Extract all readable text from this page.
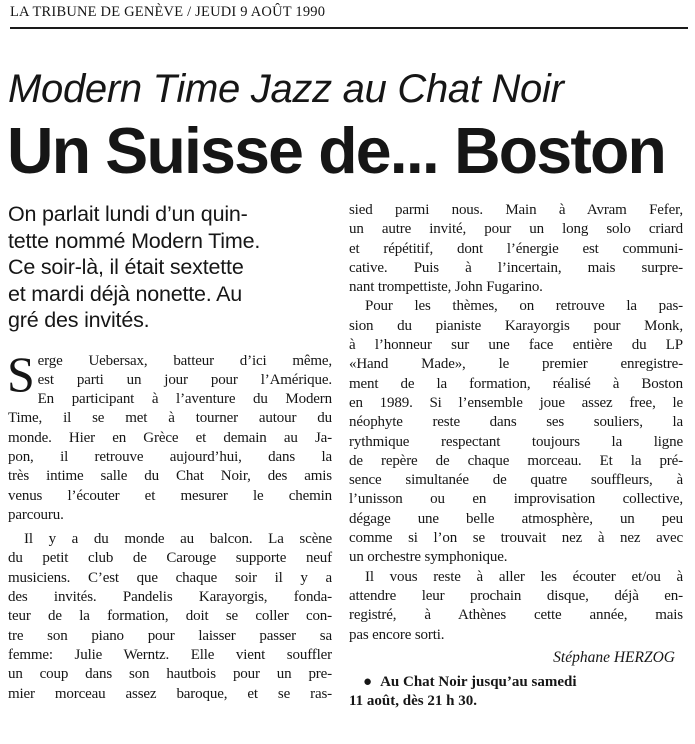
LA TRIBUNE DE GENÈVE / JEUDI 9 AOÛT 1990
Modern Time Jazz au Chat Noir
Un Suisse de... Boston
On parlait lundi d’un quin-
tette nommé Modern Time.
Ce soir-là, il était sextette
et mardi déjà nonette. Au
gré des invités.
S erge Uebersax, batteur d’ici même,
est parti un jour pour l’Amérique.
En participant à l’aventure du Modern
Time, il se met à tourner autour du
monde. Hier en Grèce et demain au Ja-
pon, il retrouve aujourd’hui, dans la
très intime salle du Chat Noir, des amis
venus l’écouter et mesurer le chemin
parcouru.
Il y a du monde au balcon. La scène
du petit club de Carouge supporte neuf
musiciens. C’est que chaque soir il y a
des invités. Pandelis Karayorgis, fonda-
teur de la formation, doit se coller con-
tre son piano pour laisser passer sa
femme: Julie Werntz. Elle vient souffler
un coup dans son hautbois pour un pre-
mier morceau assez baroque, et se ras-
sied parmi nous. Main à Avram Fefer,
un autre invité, pour un long solo criard
et répétitif, dont l’énergie est communi-
cative. Puis à l’incertain, mais surpre-
nant trompettiste, John Fugarino.
Pour les thèmes, on retrouve la pas-
sion du pianiste Karayorgis pour Monk,
à l’honneur sur une face entière du LP
«Hand Made», le premier enregistre-
ment de la formation, réalisé à Boston
en 1989. Si l’ensemble joue assez free, le
néophyte reste dans ses souliers, la
rythmique respectant toujours la ligne
de repère de chaque morceau. Et la pré-
sence simultanée de quatre souffleurs, à
l’unisson ou en improvisation collective,
dégage une belle atmosphère, un peu
comme si l’on se trouvait nez à nez avec
un orchestre symphonique.
Il vous reste à aller les écouter et/ou à
attendre leur prochain disque, déjà en-
registré, à Athènes cette année, mais
pas encore sorti.
Stéphane HERZOG
● Au Chat Noir jusqu’au samedi
11 août, dès 21 h 30.
